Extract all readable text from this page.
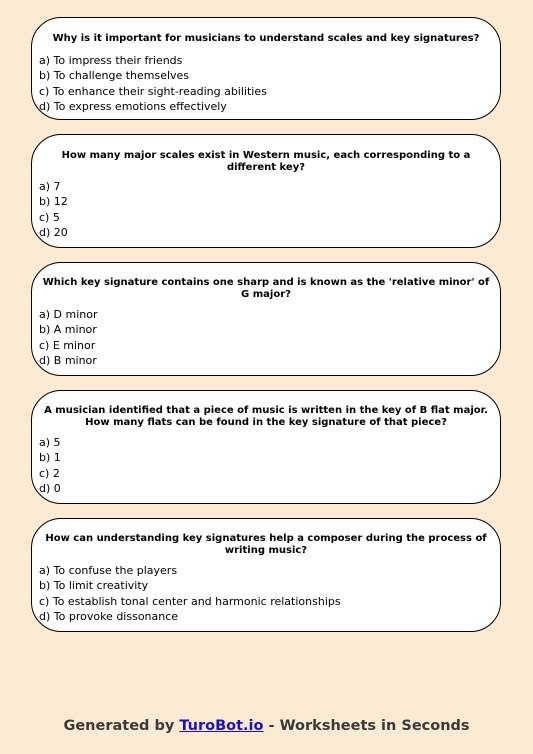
Why is it important for musicians to understand scales and key signatures?
a) To impress their friends
b) To challenge themselves
c) To enhance their sight-reading abilities
d) To express emotions effectively
How many major scales exist in Western music, each corresponding to a different key?
a) 7
b) 12
c) 5
d) 20
Which key signature contains one sharp and is known as the 'relative minor' of G major?
a) D minor
b) A minor
c) E minor
d) B minor
A musician identified that a piece of music is written in the key of B flat major. How many flats can be found in the key signature of that piece?
a) 5
b) 1
c) 2
d) 0
How can understanding key signatures help a composer during the process of writing music?
a) To confuse the players
b) To limit creativity
c) To establish tonal center and harmonic relationships
d) To provoke dissonance
Generated by TuroBot.io - Worksheets in Seconds
